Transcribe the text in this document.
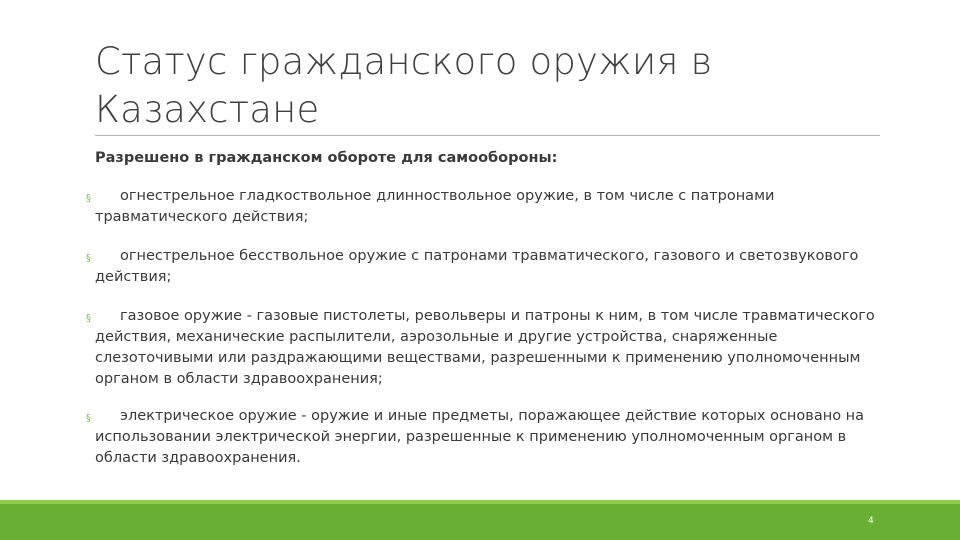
Статус гражданского оружия в Казахстане
Разрешено в гражданском обороте для самообороны:
§	огнестрельное гладкоствольное длинноствольное оружие, в том числе с патронами травматического действия;
§	огнестрельное бесствольное оружие с патронами травматического, газового и светозвукового действия;
§	газовое оружие - газовые пистолеты, револьверы и патроны к ним, в том числе травматического действия, механические распылители, аэрозольные и другие устройства, снаряженные слезоточивыми или раздражающими веществами, разрешенными к применению уполномоченным органом в области здравоохранения;
§	электрическое оружие - оружие и иные предметы, поражающее действие которых основано на использовании электрической энергии, разрешенные к применению уполномоченным органом в области здравоохранения.
4
